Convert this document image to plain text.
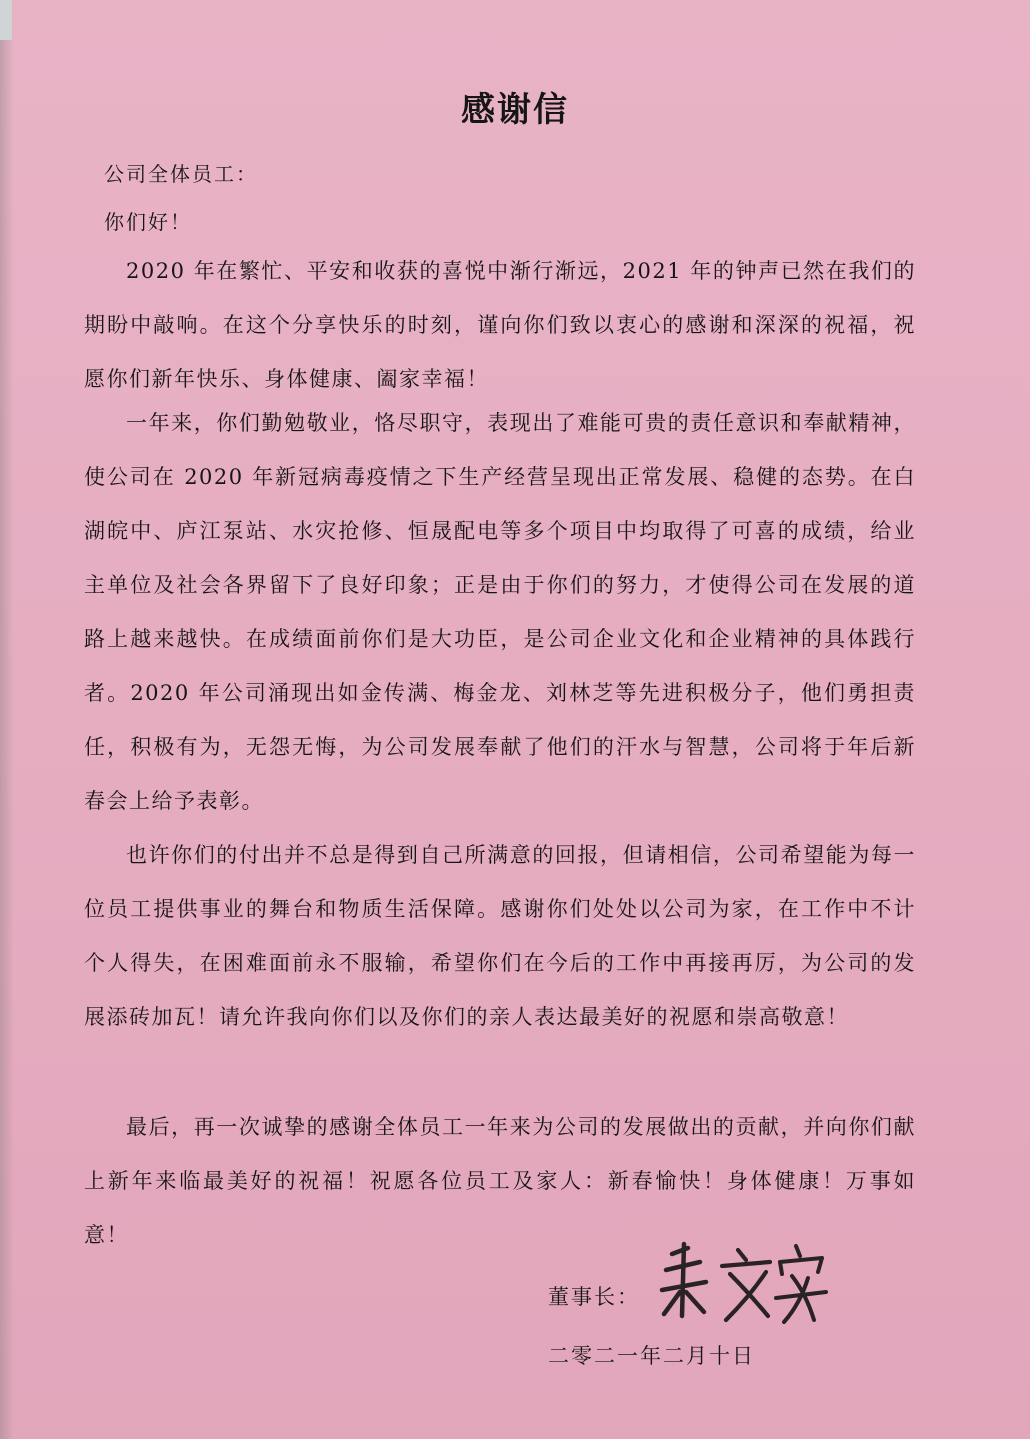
感谢信
公司全体员工：
你们好！

2020 年在繁忙、平安和收获的喜悦中渐行渐远，2021 年的钟声已然在我们的期盼中敲响。在这个分享快乐的时刻，谨向你们致以衷心的感谢和深深的祝福，祝愿你们新年快乐、身体健康、阖家幸福！

一年来，你们勤勉敬业，恪尽职守，表现出了难能可贵的责任意识和奉献精神，使公司在 2020 年新冠病毒疫情之下生产经营呈现出正常发展、稳健的态势。在白湖皖中、庐江泵站、水灾抢修、恒晟配电等多个项目中均取得了可喜的成绩，给业主单位及社会各界留下了良好印象；正是由于你们的努力，才使得公司在发展的道路上越来越快。在成绩面前你们是大功臣，是公司企业文化和企业精神的具体践行者。2020 年公司涌现出如金传满、梅金龙、刘林芝等先进积极分子，他们勇担责任，积极有为，无怨无悔，为公司发展奉献了他们的汗水与智慧，公司将于年后新春会上给予表彰。

也许你们的付出并不总是得到自己所满意的回报，但请相信，公司希望能为每一位员工提供事业的舞台和物质生活保障。感谢你们处处以公司为家，在工作中不计个人得失，在困难面前永不服输，希望你们在今后的工作中再接再厉，为公司的发展添砖加瓦！请允许我向你们以及你们的亲人表达最美好的祝愿和崇高敬意！

最后，再一次诚挚的感谢全体员工一年来为公司的发展做出的贡献，并向你们献上新年来临最美好的祝福！祝愿各位员工及家人：新春愉快！身体健康！万事如意！

董事长：
二零二一年二月十日
